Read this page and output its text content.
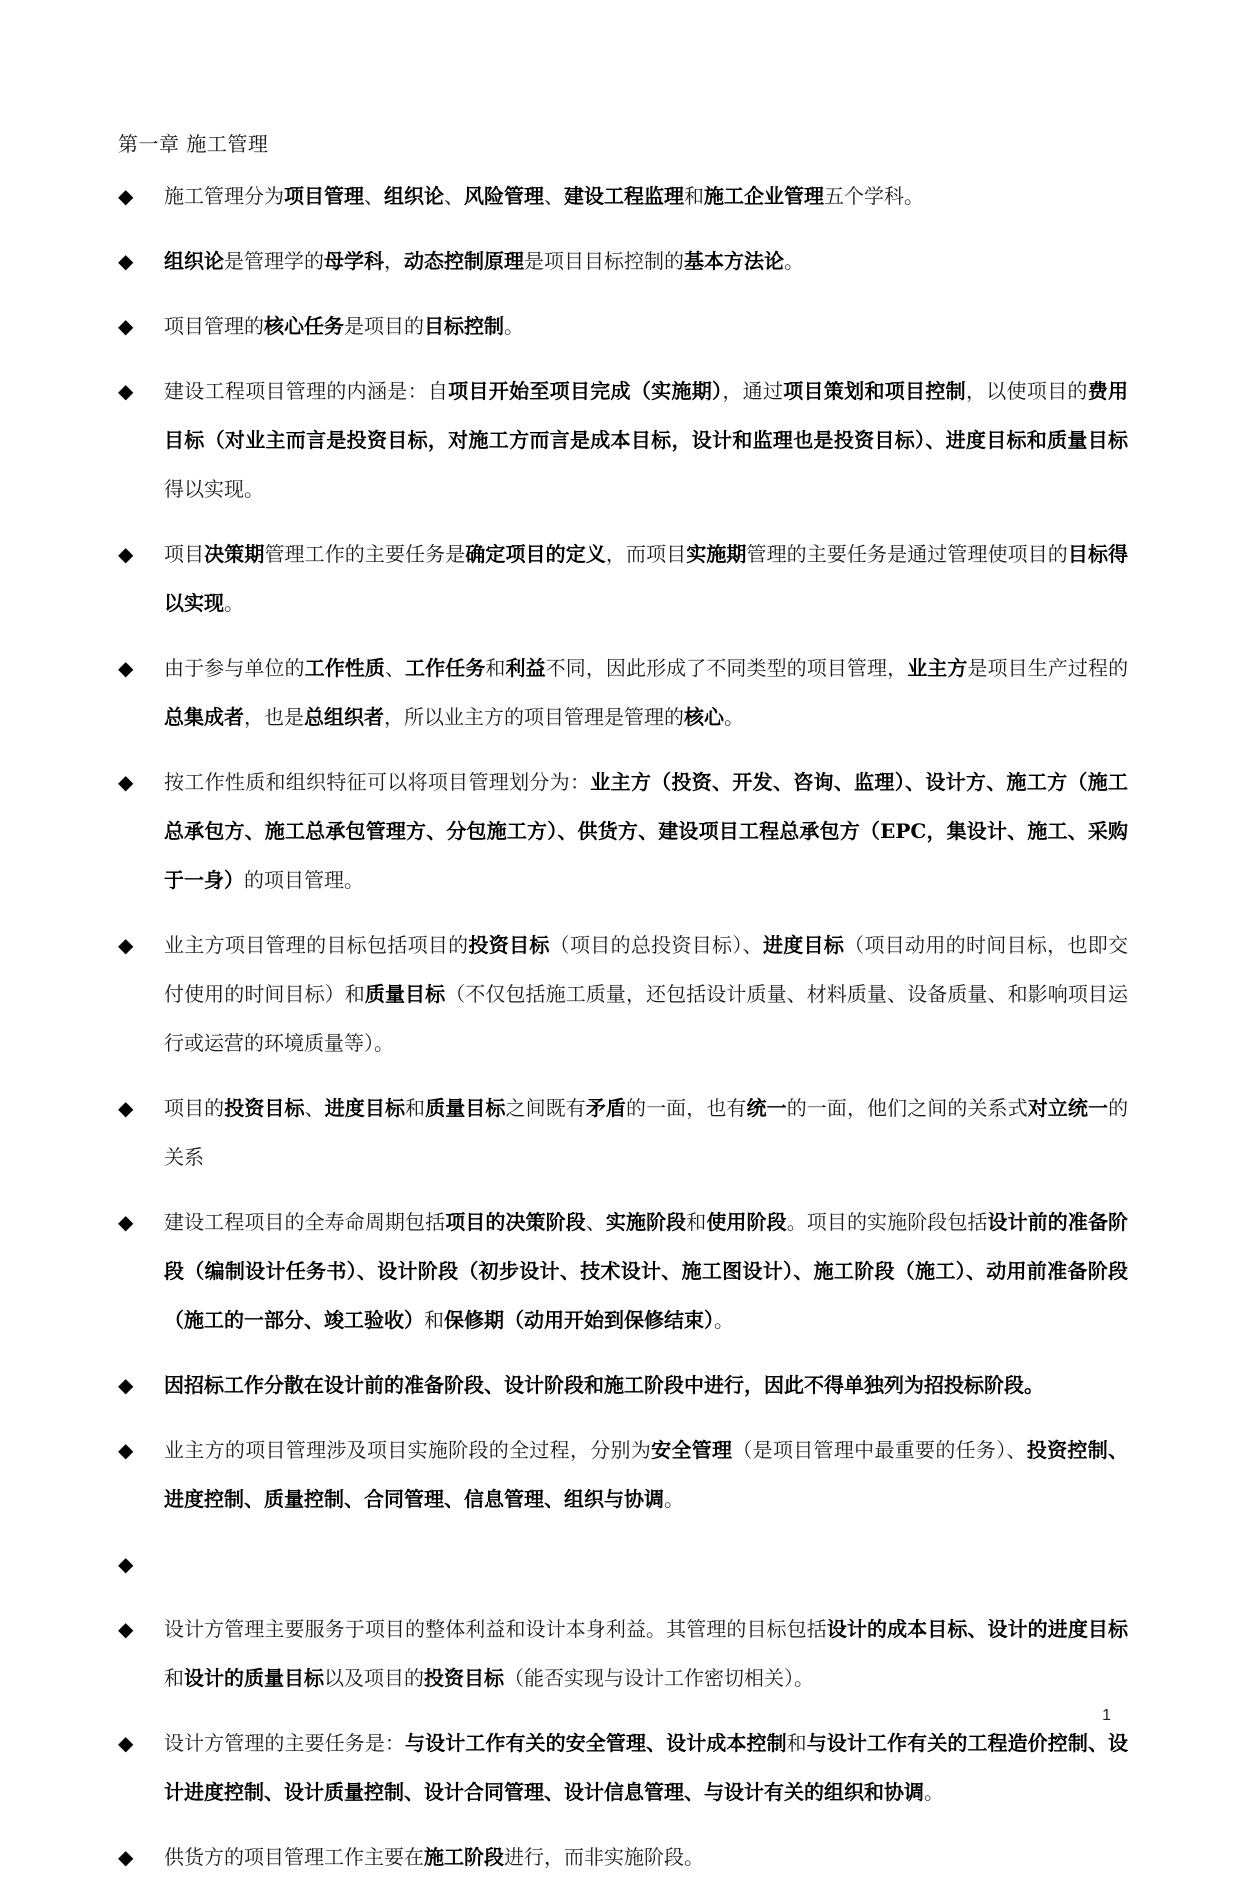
第一章 施工管理
◆ 施工管理分为项目管理、组织论、风险管理、建设工程监理和施工企业管理五个学科。
◆ 组织论是管理学的母学科，动态控制原理是项目目标控制的基本方法论。
◆ 项目管理的核心任务是项目的目标控制。
◆ 建设工程项目管理的内涵是：自项目开始至项目完成（实施期），通过项目策划和项目控制，以使项目的费用目标（对业主而言是投资目标，对施工方而言是成本目标，设计和监理也是投资目标）、进度目标和质量目标得以实现。
◆ 项目决策期管理工作的主要任务是确定项目的定义，而项目实施期管理的主要任务是通过管理使项目的目标得以实现。
◆ 由于参与单位的工作性质、工作任务和利益不同，因此形成了不同类型的项目管理，业主方是项目生产过程的总集成者，也是总组织者，所以业主方的项目管理是管理的核心。
◆ 按工作性质和组织特征可以将项目管理划分为：业主方（投资、开发、咨询、监理）、设计方、施工方（施工总承包方、施工总承包管理方、分包施工方）、供货方、建设项目工程总承包方（EPC，集设计、施工、采购于一身）的项目管理。
◆ 业主方项目管理的目标包括项目的投资目标（项目的总投资目标）、进度目标（项目动用的时间目标，也即交付使用的时间目标）和质量目标（不仅包括施工质量，还包括设计质量、材料质量、设备质量、和影响项目运行或运营的环境质量等）。
◆ 项目的投资目标、进度目标和质量目标之间既有矛盾的一面，也有统一的一面，他们之间的关系式对立统一的关系
◆ 建设工程项目的全寿命周期包括项目的决策阶段、实施阶段和使用阶段。项目的实施阶段包括设计前的准备阶段（编制设计任务书）、设计阶段（初步设计、技术设计、施工图设计）、施工阶段（施工）、动用前准备阶段（施工的一部分、竣工验收）和保修期（动用开始到保修结束）。
◆ 因招标工作分散在设计前的准备阶段、设计阶段和施工阶段中进行，因此不得单独列为招投标阶段。
◆ 业主方的项目管理涉及项目实施阶段的全过程，分别为安全管理（是项目管理中最重要的任务）、投资控制、进度控制、质量控制、合同管理、信息管理、组织与协调。
◆
◆ 设计方管理主要服务于项目的整体利益和设计本身利益。其管理的目标包括设计的成本目标、设计的进度目标和设计的质量目标以及项目的投资目标（能否实现与设计工作密切相关）。
◆ 设计方管理的主要任务是：与设计工作有关的安全管理、设计成本控制和与设计工作有关的工程造价控制、设计进度控制、设计质量控制、设计合同管理、设计信息管理、与设计有关的组织和协调。
◆ 供货方的项目管理工作主要在施工阶段进行，而非实施阶段。
1
